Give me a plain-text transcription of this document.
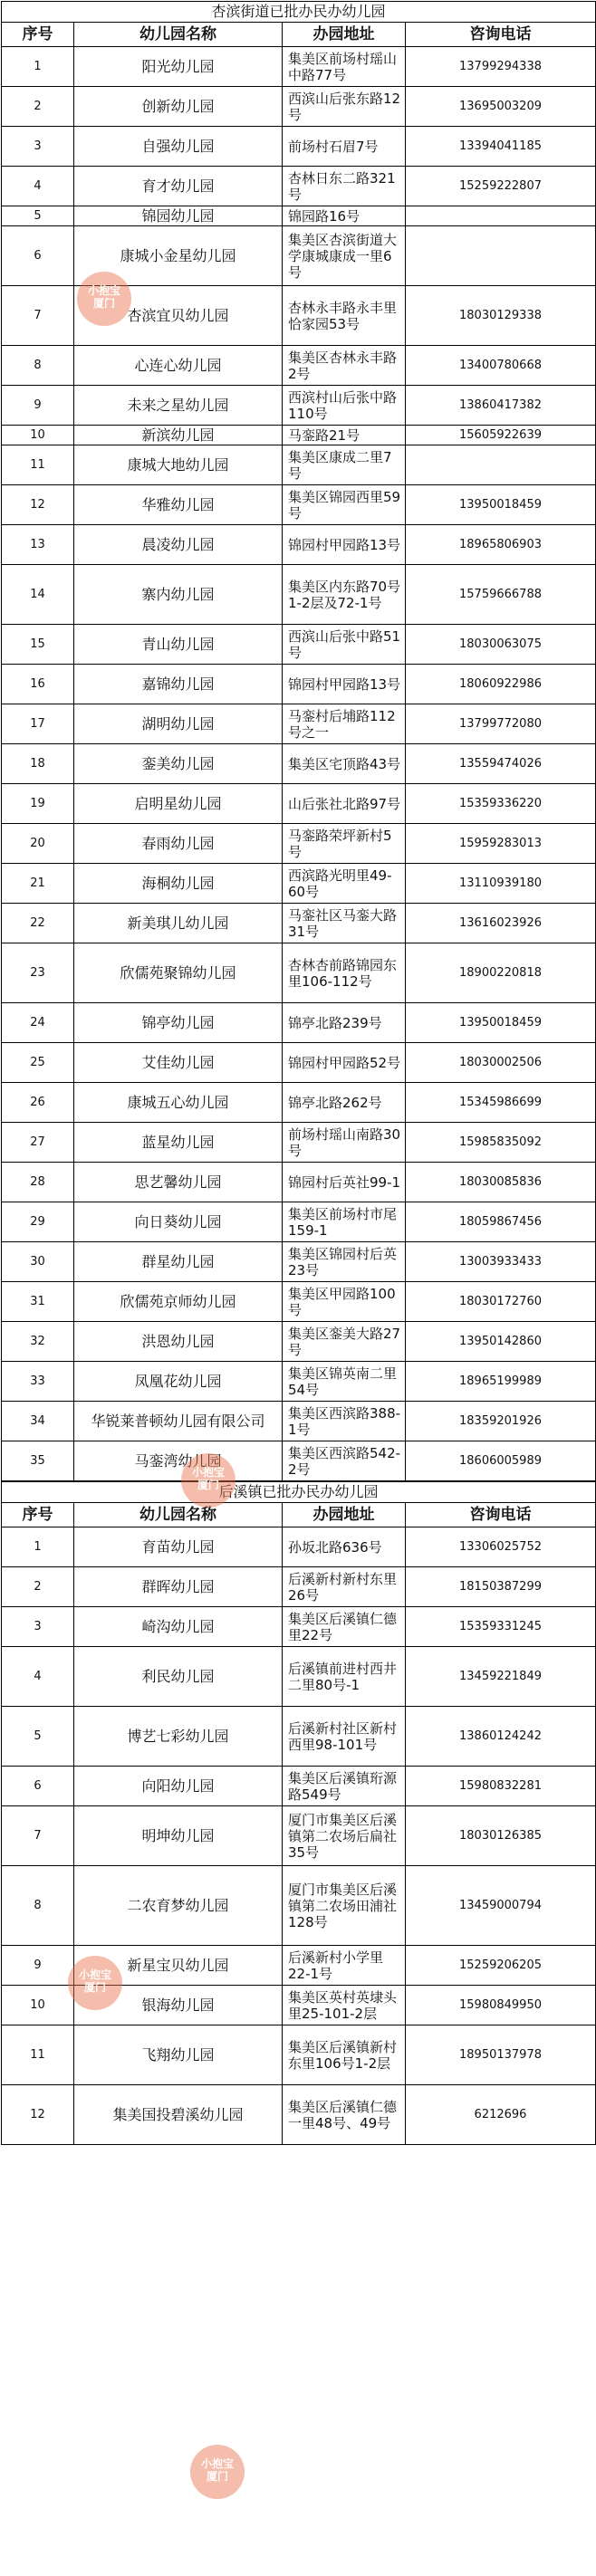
杏滨街道已批办民办幼儿园			
序号	幼儿园名称	办园地址	咨询电话
1	阳光幼儿园	集美区前场村瑶山中路77号	13799294338
2	创新幼儿园	西滨山后张东路12号	13695003209
3	自强幼儿园	前场村石眉7号	13394041185
4	育才幼儿园	杏林日东二路321号	15259222807
5	锦园幼儿园	锦园路16号	
6	康城小金星幼儿园	集美区杏滨街道大学康城康成一里6号	
7	杏滨宜贝幼儿园	杏林永丰路永丰里恰家园53号	18030129338
8	心连心幼儿园	集美区杏林永丰路2号	13400780668
9	未来之星幼儿园	西滨村山后张中路110号	13860417382
10	新滨幼儿园	马銮路21号	15605922639
11	康城大地幼儿园	集美区康成二里7号	
12	华雅幼儿园	集美区锦园西里59号	13950018459
13	晨凌幼儿园	锦园村甲园路13号	18965806903
14	寨内幼儿园	集美区内东路70号1-2层及72-1号	15759666788
15	青山幼儿园	西滨山后张中路51号	18030063075
16	嘉锦幼儿园	锦园村甲园路13号	18060922986
17	湖明幼儿园	马銮村后埔路112号之一	13799772080
18	銮美幼儿园	集美区宅顶路43号	13559474026
19	启明星幼儿园	山后张社北路97号	15359336220
20	春雨幼儿园	马銮路荣坪新村5号	15959283013
21	海桐幼儿园	西滨路光明里49-60号	13110939180
22	新美琪儿幼儿园	马銮社区马銮大路31号	13616023926
23	欣儒苑聚锦幼儿园	杏林杏前路锦园东里106-112号	18900220818
24	锦亭幼儿园	锦亭北路239号	13950018459
25	艾佳幼儿园	锦园村甲园路52号	18030002506
26	康城五心幼儿园	锦亭北路262号	15345986699
27	蓝星幼儿园	前场村瑶山南路30号	15985835092
28	思艺馨幼儿园	锦园村后英社99-1	18030085836
29	向日葵幼儿园	集美区前场村市尾159-1	18059867456
30	群星幼儿园	集美区锦园村后英23号	13003933433
31	欣儒苑京师幼儿园	集美区甲园路100号	18030172760
32	洪恩幼儿园	集美区銮美大路27号	13950142860
33	凤凰花幼儿园	集美区锦英南二里54号	18965199989
34	华锐莱普顿幼儿园有限公司	集美区西滨路388-1号	18359201926
35	马銮湾幼儿园	集美区西滨路542-2号	18606005989
后溪镇已批办民办幼儿园			
序号	幼儿园名称	办园地址	咨询电话
1	育苗幼儿园	孙坂北路636号	13306025752
2	群晖幼儿园	后溪新村新村东里26号	18150387299
3	崎沟幼儿园	集美区后溪镇仁德里22号	15359331245
4	利民幼儿园	后溪镇前进村西井二里80号-1	13459221849
5	博艺七彩幼儿园	后溪新村社区新村西里98-101号	13860124242
6	向阳幼儿园	集美区后溪镇珩源路549号	15980832281
7	明坤幼儿园	厦门市集美区后溪镇第二农场后扁社35号	18030126385
8	二农育梦幼儿园	厦门市集美区后溪镇第二农场田浦社128号	13459000794
9	新星宝贝幼儿园	后溪新村小学里22-1号	15259206205
10	银海幼儿园	集美区英村英埭头里25-101-2层	15980849950
11	飞翔幼儿园	集美区后溪镇新村东里106号1-2层	18950137978
12	集美国投碧溪幼儿园	集美区后溪镇仁德一里48号、49号	6212696
小抱宝
厦门
小抱宝
厦门
小抱宝
厦门
小抱宝
厦门
